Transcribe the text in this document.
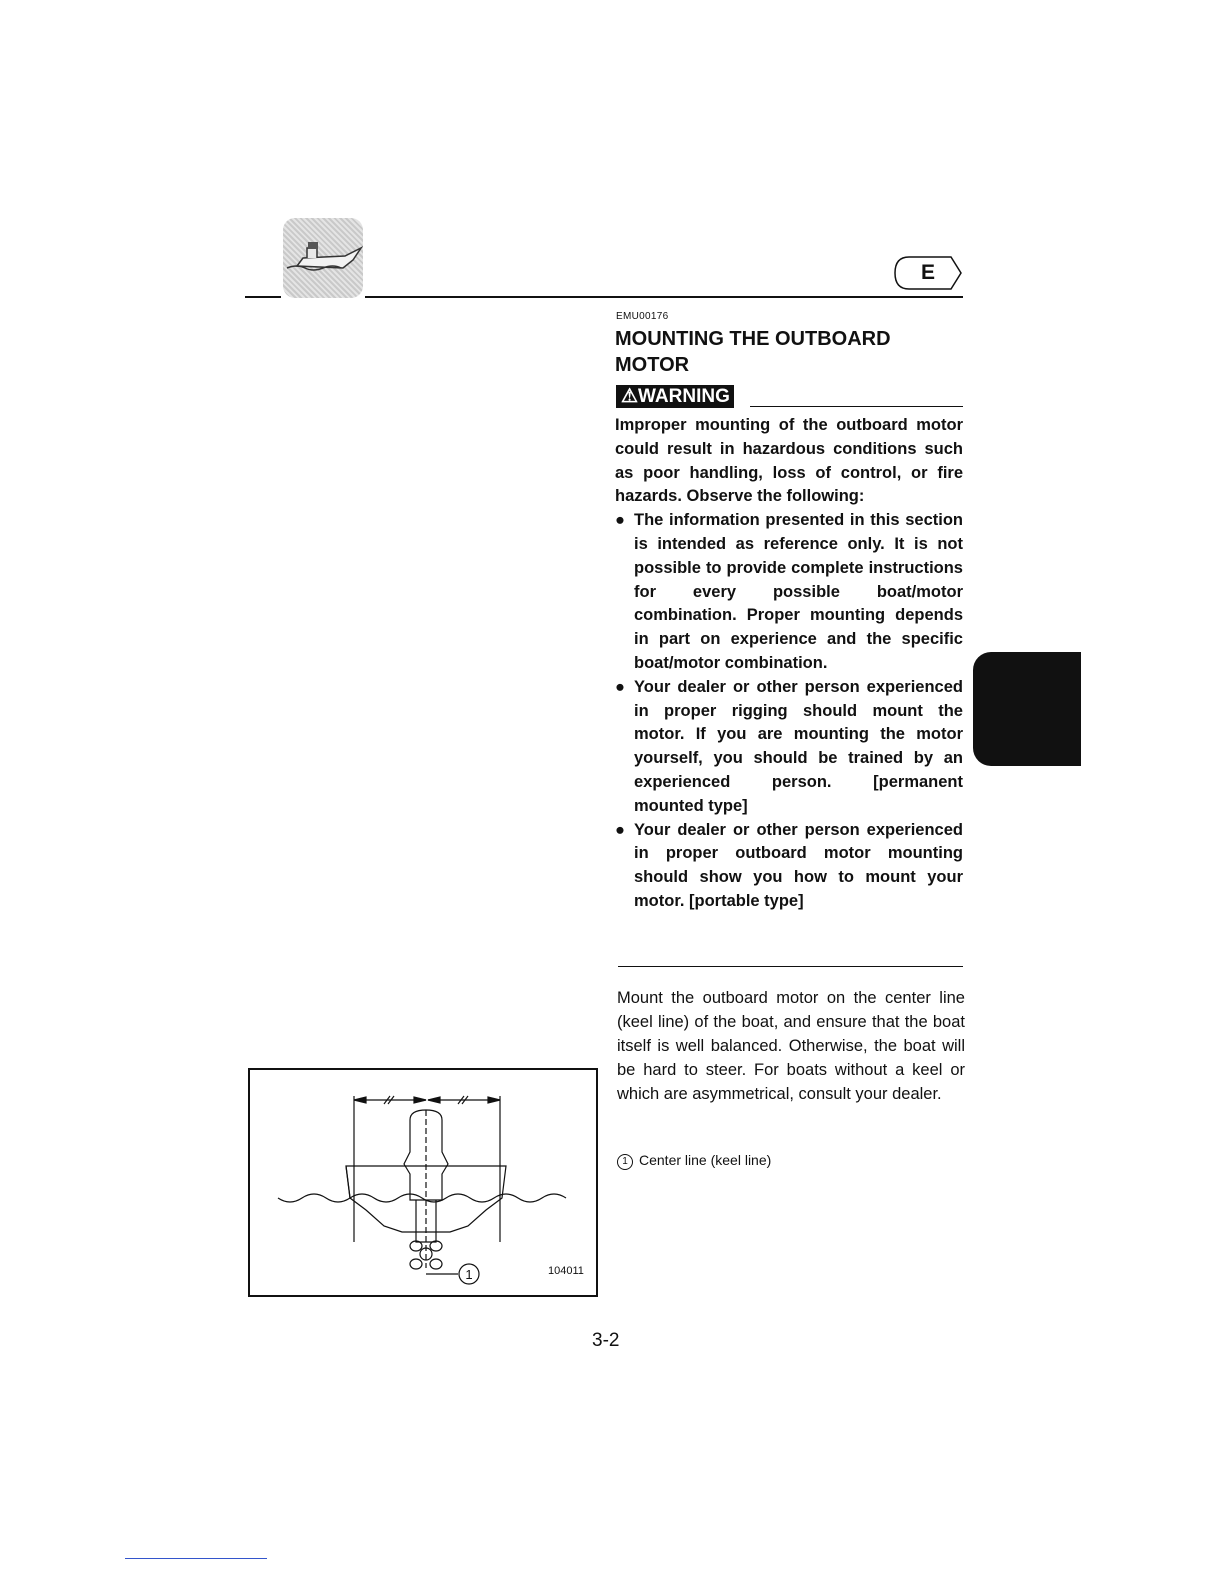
E
EMU00176
MOUNTING THE OUTBOARD
MOTOR
⚠WARNING

Improper mounting of the outboard motor could result in hazardous conditions such as poor handling, loss of control, or fire hazards. Observe the following:

● The information presented in this section is intended as reference only. It is not possible to provide complete instructions for every possible boat/motor combination. Proper mounting depends in part on experience and the specific boat/motor combination.
● Your dealer or other person experienced in proper rigging should mount the motor. If you are mounting the motor yourself, you should be trained by an experienced person. [permanent mounted type]
● Your dealer or other person experienced in proper outboard motor mounting should show you how to mount your motor. [portable type]

Mount the outboard motor on the center line (keel line) of the boat, and ensure that the boat itself is well balanced. Otherwise, the boat will be hard to steer. For boats without a keel or which are asymmetrical, consult your dealer.

1 Center line (keel line)
1	104011
3-2
